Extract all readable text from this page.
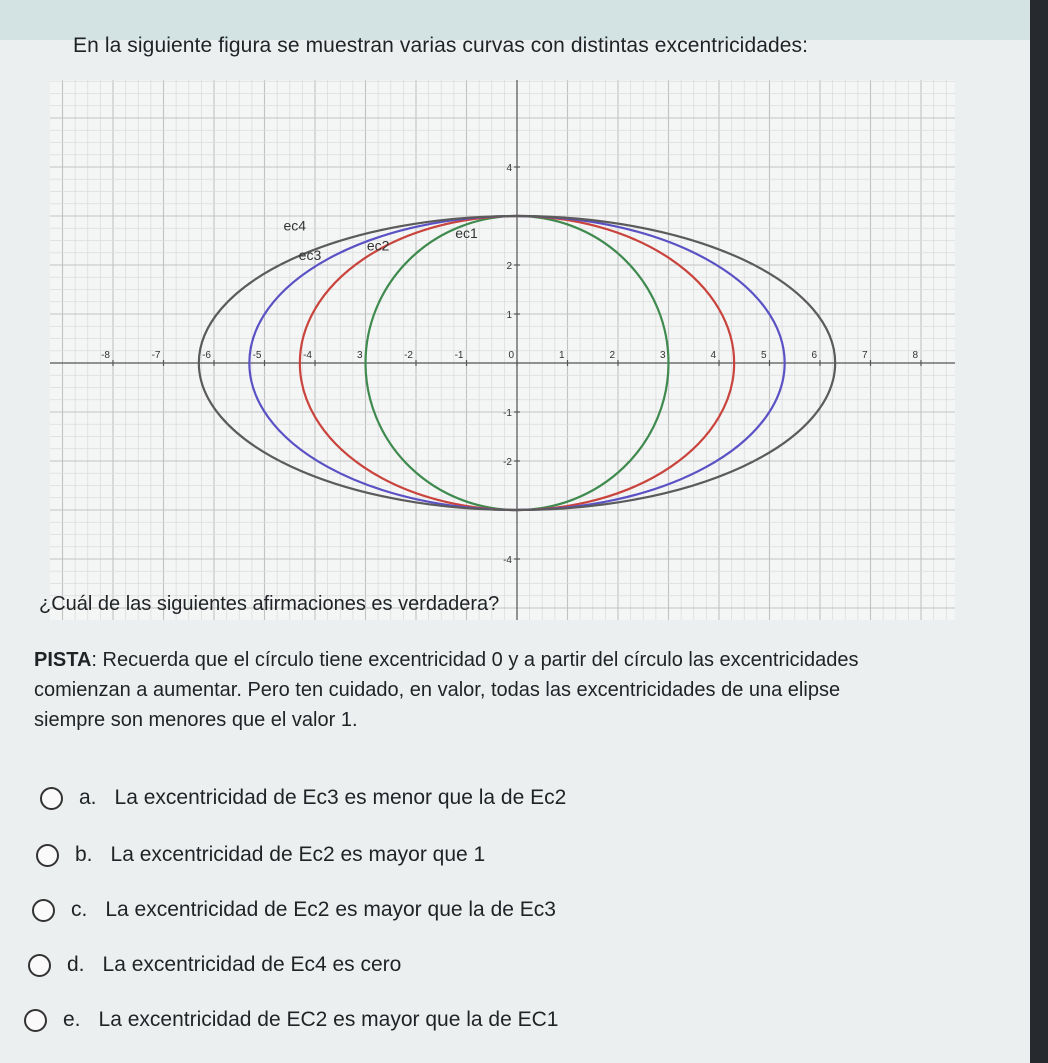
En la siguiente figura se muestran varias curvas con distintas excentricidades:
-8	-7	-6	-5	-4	3	-2	-1	0	1	2	3	4	5	6	7	8
4
2
1
-1
-2
-4
ec1
ec2
ec3
ec4
¿Cuál de las siguientes afirmaciones es verdadera?
PISTA: Recuerda que el círculo tiene excentricidad 0 y a partir del círculo las excentricidades comienzan a aumentar. Pero ten cuidado, en valor, todas las excentricidades de una elipse siempre son menores que el valor 1.
a. La excentricidad de Ec3 es menor que la de Ec2
b. La excentricidad de Ec2 es mayor que 1
c. La excentricidad de Ec2 es mayor que la de Ec3
d. La excentricidad de Ec4 es cero
e. La excentricidad de EC2 es mayor que la de EC1
